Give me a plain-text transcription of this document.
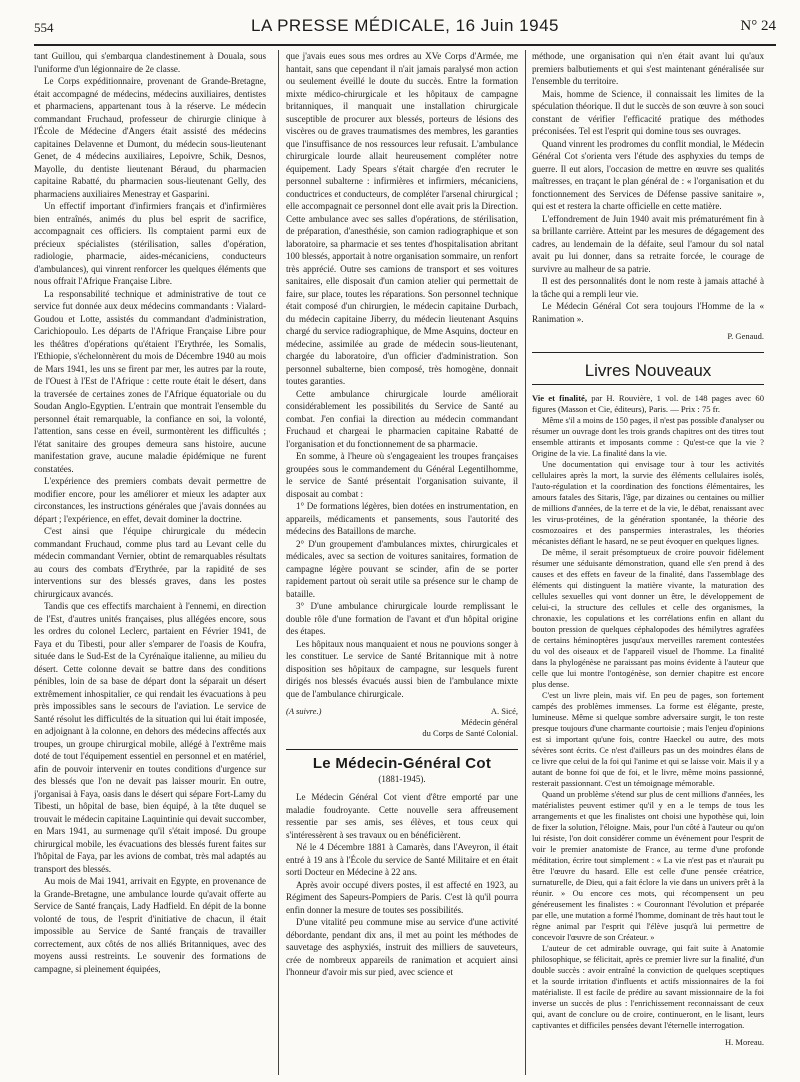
554	LA PRESSE MÉDICALE, 16 Juin 1945	N° 24

tant Guillou, qui s'embarqua clandestinement à Douala, sous l'uniforme d'un légionnaire de 2e classe.

Le Corps expéditionnaire, provenant de Grande-Bretagne, était accompagné de médecins, médecins auxiliaires, dentistes et pharmaciens, appartenant tous à la réserve. Le médecin commandant Fruchaud, professeur de chirurgie clinique à l'École de Médecine d'Angers était assisté des médecins capitaines Delavenne et Dumont, du médecin sous-lieutenant Genet, de 4 médecins auxiliaires, Lepoivre, Schik, Desnos, Mayolle, du dentiste lieutenant Béraud, du pharmacien capitaine Rabatté, du pharmacien sous-lieutenant Gelly, des pharmaciens auxiliaires Menestray et Gasparini.

Un effectif important d'infirmiers français et d'infirmières bien entraînés, animés du plus bel esprit de sacrifice, accompagnait ces officiers. Ils comptaient parmi eux de précieux spécialistes (stérilisation, salles d'opération, radiologie, pharmacie, aides-mécaniciens, conducteurs d'ambulances), qui vinrent renforcer les quelques éléments que nous offrait l'Afrique Française Libre.

La responsabilité technique et administrative de tout ce service fut donnée aux deux médecins commandants : Vialard-Goudou et Lotte, assistés du commandant d'administration, Carichiopoulo. Les départs de l'Afrique Française Libre pour les théâtres d'opérations qu'étaient l'Erythrée, les Somalis, l'Ethiopie, s'échelonnèrent du mois de Décembre 1940 au mois de Mars 1941, les uns se firent par mer, les autres par la route, de l'Ouest à l'Est de l'Afrique : cette route était le désert, dans la traversée de certaines zones de l'Afrique équatoriale ou du Soudan Anglo-Egyptien. L'entrain que montrait l'ensemble du personnel était remarquable, la confiance en soi, la volonté, l'attention, sans cesse en éveil, surmontèrent les difficultés ; l'état sanitaire des groupes demeura sans histoire, aucune manifestation grave, aucune maladie épidémique ne furent constatées.

L'expérience des premiers combats devait permettre de modifier encore, pour les améliorer et mieux les adapter aux circonstances, les instructions générales que j'avais données au départ ; l'expérience, en effet, devait dominer la doctrine.

C'est ainsi que l'équipe chirurgicale du médecin commandant Fruchaud, comme plus tard au Levant celle du médecin commandant Vernier, obtint de remarquables résultats au cours des combats d'Erythrée, par la rapidité de ses interventions sur des blessés graves, dans les postes chirurgicaux avancés.

Tandis que ces effectifs marchaient à l'ennemi, en direction de l'Est, d'autres unités françaises, plus allégées encore, sous les ordres du colonel Leclerc, partaient en Février 1941, de Faya et du Tibesti, pour aller s'emparer de l'oasis de Koufra, située dans le Sud-Est de la Cyrénaïque italienne, au milieu du désert. Cette colonne devait se battre dans des conditions pénibles, loin de sa base de départ dont la séparait un désert extrêmement inhospitalier, ce qui rendait les évacuations à peu près impossibles sans le secours de l'aviation. Le service de Santé résolut les difficultés de la situation qui lui était imposée, en adjoignant à la colonne, en dehors des médecins affectés aux troupes, un groupe chirurgical mobile, allégé à l'extrême mais doté de tout l'équipement essentiel en personnel et en matériel, afin de pouvoir intervenir en toutes conditions d'urgence sur des blessés que l'on ne devait pas laisser mourir. En outre, j'organisai à Faya, oasis dans le désert qui sépare Fort-Lamy du Tibesti, un hôpital de base, bien équipé, à la tête duquel se trouvait le médecin capitaine Laquintinie qui devait succomber, en Mars 1941, au surmenage qu'il s'était imposé. Du groupe chirurgical mobile, les évacuations des blessés furent faites sur l'hôpital de Faya, par les avions de combat, très mal adaptés au transport des blessés.

Au mois de Mai 1941, arrivait en Egypte, en provenance de la Grande-Bretagne, une ambulance lourde qu'avait offerte au Service de Santé français, Lady Hadfield. En dépit de la bonne volonté de tous, de l'esprit d'initiative de chacun, il était impossible au Service de Santé français de travailler correctement, aux côtés de nos alliés Britanniques, avec des moyens aussi restreints. Le souvenir des formations de campagne, si pleinement équipées,

que j'avais eues sous mes ordres au XVe Corps d'Armée, me hantait, sans que cependant il n'ait jamais paralysé mon action ou seulement éveillé le doute du succès. Entre la formation mixte médico-chirurgicale et les hôpitaux de campagne britanniques, il manquait une installation chirurgicale susceptible de procurer aux blessés, porteurs de lésions des viscères ou de graves traumatismes des membres, les garanties que l'insuffisance de nos ressources leur refusait. L'ambulance chirurgicale lourde allait heureusement compléter notre équipement. Lady Spears s'était chargée d'en recruter le personnel subalterne : infirmières et infirmiers, mécaniciens, conductrices et conducteurs, de compléter l'arsenal chirurgical ; elle accompagnait ce personnel dont elle avait pris la Direction. Cette ambulance avec ses salles d'opérations, de stérilisation, de préparation, d'anesthésie, son camion radiographique et son laboratoire, sa pharmacie et ses tentes d'hospitalisation abritant 100 blessés, apportait à notre organisation sommaire, un renfort très apprécié. Outre ses camions de transport et ses voitures sanitaires, elle disposait d'un camion atelier qui permettait de faire, sur place, toutes les réparations. Son personnel technique était composé d'un chirurgien, le médecin capitaine Durbach, du médecin capitaine Jiberry, du médecin lieutenant Asquins chargé du service radiographique, de Mme Asquins, docteur en médecine, assimilée au grade de médecin sous-lieutenant, chargée du laboratoire, d'un officier d'administration. Son personnel subalterne, bien composé, très homogène, donnait toutes garanties.

Cette ambulance chirurgicale lourde améliorait considérablement les possibilités du Service de Santé au combat. J'en confiai la direction au médecin commandant Fruchaud et chargeai le pharmacien capitaine Rabatté de l'organisation et du fonctionnement de sa pharmacie.

En somme, à l'heure où s'engageaient les troupes françaises groupées sous le commandement du Général Legentilhomme, le service de Santé présentait l'organisation suivante, il disposait au combat :

1° De formations légères, bien dotées en instrumentation, en appareils, médicaments et pansements, sous l'autorité des médecins des Bataillons de marche.

2° D'un groupement d'ambulances mixtes, chirurgicales et médicales, avec sa section de voitures sanitaires, formation de campagne légère pouvant se scinder, afin de se porter rapidement partout où serait utile sa présence sur le champ de bataille.

3° D'une ambulance chirurgicale lourde remplissant le double rôle d'une formation de l'avant et d'un hôpital origine des étapes.

Les hôpitaux nous manquaient et nous ne pouvions songer à les constituer. Le service de Santé Britannique mit à notre disposition ses hôpitaux de campagne, sur lesquels furent dirigés nos blessés évacués aussi bien de l'ambulance mixte que de l'ambulance chirurgicale.

(A suivre.)	A. Sicé,
Médecin général
du Corps de Santé Colonial.
Le Médecin-Général Cot
(1881-1945).

Le Médecin Général Cot vient d'être emporté par une maladie foudroyante. Cette nouvelle sera affreusement ressentie par ses amis, ses élèves, et tous ceux qui s'intéressèrent à ses travaux ou en bénéficièrent.

Né le 4 Décembre 1881 à Camarès, dans l'Aveyron, il était entré à 19 ans à l'École du service de Santé Militaire et en était sorti Docteur en Médecine à 22 ans.

Après avoir occupé divers postes, il est affecté en 1923, au Régiment des Sapeurs-Pompiers de Paris. C'est là qu'il pourra enfin donner la mesure de toutes ses possibilités.

D'une vitalité peu commune mise au service d'une activité débordante, pendant dix ans, il met au point les méthodes de sauvetage des asphyxiés, instruit des milliers de sauveteurs, crée de nombreux appareils de ranimation et acquiert ainsi l'honneur d'avoir mis sur pied, avec science et

méthode, une organisation qui n'en était avant lui qu'aux premiers balbutiements et qui s'est maintenant généralisée sur l'ensemble du territoire.

Mais, homme de Science, il connaissait les limites de la spéculation théorique. Il dut le succès de son œuvre à son souci constant de vérifier l'efficacité pratique des méthodes préconisées. Tel est l'esprit qui domine tous ses ouvrages.

Quand vinrent les prodromes du conflit mondial, le Médecin Général Cot s'orienta vers l'étude des asphyxies du temps de guerre. Il eut alors, l'occasion de mettre en œuvre ses qualités maîtresses, en traçant le plan général de : « l'organisation et du fonctionnement des Services de Défense passive sanitaire », qui est et restera la charte officielle en cette matière.

L'effondrement de Juin 1940 avait mis prématurément fin à sa brillante carrière. Atteint par les mesures de dégagement des cadres, au lendemain de la défaite, seul l'amour du sol natal avait pu lui donner, dans sa retraite forcée, le courage de survivre au malheur de sa patrie.

Il est des personnalités dont le nom reste à jamais attaché à la tâche qui a rempli leur vie.

Le Médecin Général Cot sera toujours l'Homme de la « Ranimation ».

P. Genaud.
Livres Nouveaux

Vie et finalité, par H. Rouvière, 1 vol. de 148 pages avec 60 figures (Masson et Cie, éditeurs), Paris. — Prix : 75 fr.

Même s'il a moins de 150 pages, il n'est pas possible d'analyser ou résumer un ouvrage dont les trois grands chapitres ont des titres tout ensemble attirants et imposants comme : Qu'est-ce que la vie ? Origine de la vie. La finalité dans la vie.

Une documentation qui envisage tour à tour les activités cellulaires après la mort, la survie des éléments cellulaires isolés, l'auto-régulation et la coordination des fonctions élémentaires, les amours fatales des Sitaris, l'âge, par dizaines ou centaines ou millier de millions d'années, de la terre et de la vie, le débat, renaissant avec les virus-protéines, de la génération spontanée, la théorie des cosmozoaires et des panspermies interastrales, les théories mécanistes défiant le hasard, ne se peut évoquer en quelques lignes.

De même, il serait présomptueux de croire pouvoir fidèlement résumer une séduisante démonstration, quand elle s'en prend à des causes et des effets en faveur de la finalité, dans l'assemblage des éléments qui distinguent la matière vivante, la maturation des cellules sexuelles qui vont donner un être, le développement de celui-ci, la structure des cellules et celle des organismes, la chronaxie, les copulations et les corrélations enfin en allant du bouton pression de quelques céphalopodes des hémilytres agrafées de certains héminoptères jusqu'aux merveilles rarement contestées du vol des oiseaux et de l'appareil visuel de l'homme. La finalité dans la phylogénèse ne paraissant pas moins évidente à l'auteur que celle que lui montre l'ontogénèse, son dernier chapitre est encore plus dense.

C'est un livre plein, mais vif. En peu de pages, son fortement campés des problèmes immenses. La forme est élégante, preste, lumineuse. Même si quelque sombre adversaire surgit, le ton reste presque toujours d'une charmante courtoisie ; mais l'enjeu d'opinions est si important qu'une fois, contre Haeckel ou autre, des mots sévères sont écrits. Ce n'est d'ailleurs pas un des moindres élans de ce livre que celui de la foi qui l'anime et qui se laisse voir. Mais il y a autant de bonne foi que de foi, et le livre, même moins passionné, resterait passionnant. C'est un témoignage mémorable.

Quand un problème s'étend sur plus de cent millions d'années, les matérialistes peuvent estimer qu'il y en a le temps de tous les arrangements et que les finalistes ont choisi une hypothèse qui, loin de fixer la solution, l'éloigne. Mais, pour l'un côté à l'auteur ou qu'on lui résiste, l'on doit considérer comme un événement pour l'esprit de voir le premier anatomiste de France, au terme d'une profonde méditation, écrire tout simplement : « La vie n'est pas et n'aurait pu être l'œuvre du hasard. Elle est celle d'une pensée créatrice, surnaturelle, de Dieu, qui a fait éclore la vie dans un univers prêt à la réunir. » Ou encore ces mots, qui récompensent un peu généreusement les finalistes : « Couronnant l'évolution et préparée par elle, une mutation a formé l'homme, dominant de très haut tout le règne animal par l'esprit qui l'élève jusqu'à lui permettre de concevoir l'œuvre de son Créateur. »

L'auteur de cet admirable ouvrage, qui fait suite à Anatomie philosophique, se félicitait, après ce premier livre sur la finalité, d'un double succès : avoir entraîné la conviction de quelques sceptiques et la sourde irritation d'influents et actifs missionnaires de la foi matérialiste. Il est facile de prédire au savant missionnaire de la foi inverse un succès de plus : l'enrichissement reconnaissant de ceux qui, avant de conclure ou de croire, continueront, en le lisant, leurs captivantes et difficiles pensées devant l'éternelle interrogation.

H. Moreau.
